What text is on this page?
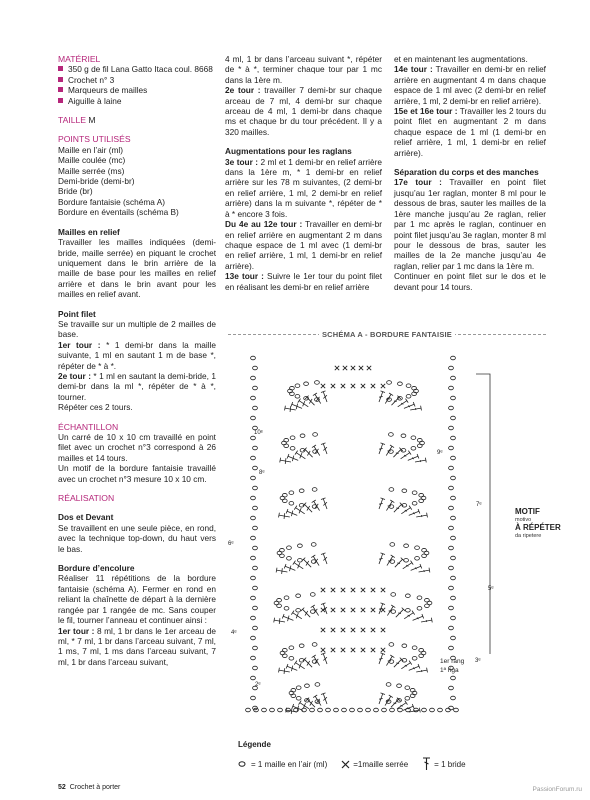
MATÉRIEL
350 g de fil Lana Gatto Itaca coul. 8668
Crochet n° 3
Marqueurs de mailles
Aiguille à laine
TAILLE M
POINTS UTILISÉS
Maille en l’air (ml)
Maille coulée (mc)
Maille serrée (ms)
Demi-bride (demi-br)
Bride (br)
Bordure fantaisie (schéma A)
Bordure en éventails (schéma B)
Mailles en relief

Travailler les mailles indiquées (demi-bride, maille serrée) en piquant le crochet uniquement dans le brin arrière de la maille de base pour les mailles en relief arrière et dans le brin avant pour les mailles en relief avant.

Point filet

Se travaille sur un multiple de 2 mailles de base.

1er tour : * 1 demi-br dans la maille suivante, 1 ml en sautant 1 m de base *, répéter de * à *.

2e tour : * 1 ml en sautant la demi-bride, 1 demi-br dans la ml *, répéter de * à *, tourner.

Répéter ces 2 tours.

ÉCHANTILLON

Un carré de 10 x 10 cm travaillé en point filet avec un crochet n°3 correspond à 26 mailles et 14 tours.

Un motif de la bordure fantaisie travaillé avec un crochet n°3 mesure 10 x 10 cm.

RÉALISATION
Dos et Devant

Se travaillent en une seule pièce, en rond, avec la technique top-down, du haut vers le bas.

Bordure d’encolure

Réaliser 11 répétitions de la bordure fantaisie (schéma A). Fermer en rond en reliant la chaînette de départ à la dernière rangée par 1 rangée de mc. Sans couper le fil, tourner l’anneau et continuer ainsi :

1er tour : 8 ml, 1 br dans le 1er arceau de ml, * 7 ml, 1 br dans l’arceau suivant, 7 ml, 1 ms, 7 ml, 1 ms dans l’arceau suivant, 7 ml, 1 br dans l’arceau suivant,

4 ml, 1 br dans l’arceau suivant *, répéter de * à *, terminer chaque tour par 1 mc dans la 1ère m.

2e tour : travailler 7 demi-br sur chaque arceau de 7 ml, 4 demi-br sur chaque arceau de 4 ml, 1 demi-br dans chaque ms et chaque br du tour précédent. Il y a 320 mailles.

Augmentations pour les raglans

3e tour : 2 ml et 1 demi-br en relief arrière dans la 1ère m, * 1 demi-br en relief arrière sur les 78 m suivantes, (2 demi-br en relief arrière, 1 ml, 2 demi-br en relief arrière) dans la m suivante *, répéter de * à * encore 3 fois.

Du 4e au 12e tour : Travailler en demi-br en relief arrière en augmentant 2 m dans chaque espace de 1 ml avec (1 demi-br en relief arrière, 1 ml, 1 demi-br en relief arrière).

13e tour : Suivre le 1er tour du point filet en réalisant les demi-br en relief arrière

et en maintenant les augmentations.

14e tour : Travailler en demi-br en relief arrière en augmentant 4 m dans chaque espace de 1 ml avec (2 demi-br en relief arrière, 1 ml, 2 demi-br en relief arrière).

15e et 16e tour : Travailler les 2 tours du point filet en augmentant 2 m dans chaque espace de 1 ml (1 demi-br en relief arrière, 1 ml, 1 demi-br en relief arrière).

Séparation du corps et des manches

17e tour : Travailler en point filet jusqu’au 1er raglan, monter 8 ml pour le dessous de bras, sauter les mailles de la 1ère manche jusqu’au 2e raglan, relier par 1 mc après le raglan, continuer en point filet jusqu’au 3e raglan, monter 8 ml pour le dessous de bras, sauter les mailles de la 2e manche jusqu’au 4e raglan, relier par 1 mc dans la 1ère m.

Continuer en point filet sur le dos et le devant pour 14 tours.

SCHÉMA A - BORDURE FANTAISIE
10ᵉ
9ᵉ
8ᵉ
7ᵉ
6ᵉ
5ᵉ
4ᵉ
3ᵉ
2ᵉ
MOTIF
motivo
À RÉPÉTER
da ripetere
1er rang
1ª riga
Légende
= 1 maille en l’air (ml)	=1maille serrée	= 1 bride
52 Crochet à porter	PassionForum.ru
